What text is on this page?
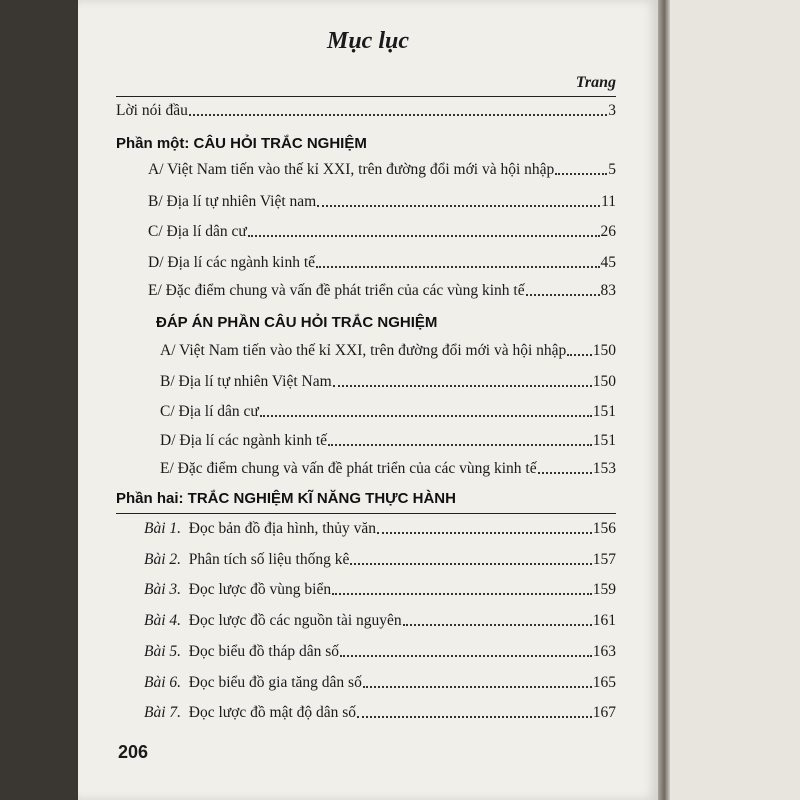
Mục lục
Trang
Lời nói đầu	3
Phần một: CÂU HỎI TRẮC NGHIỆM
A/ Việt Nam tiến vào thế kỉ XXI, trên đường đổi mới và hội nhập	5
B/ Địa lí tự nhiên Việt nam	11
C/ Địa lí dân cư	26
D/ Địa lí các ngành kinh tế	45
E/ Đặc điểm chung và vấn đề phát triển của các vùng kinh tế	83
ĐÁP ÁN PHẦN CÂU HỎI TRẮC NGHIỆM
A/ Việt Nam tiến vào thế kỉ XXI, trên đường đổi mới và hội nhập 150
B/ Địa lí tự nhiên Việt Nam	150
C/ Địa lí dân cư	151
D/ Địa lí các ngành kinh tế	151
E/ Đặc điểm chung và vấn đề phát triển của các vùng kinh tế	153
Phần hai: TRẮC NGHIỆM KĨ NĂNG THỰC HÀNH
Bài 1. Đọc bản đồ địa hình, thủy văn	156
Bài 2. Phân tích số liệu thống kê	157
Bài 3. Đọc lược đồ vùng biển	159
Bài 4. Đọc lược đồ các nguồn tài nguyên	161
Bài 5. Đọc biểu đồ tháp dân số	163
Bài 6. Đọc biểu đồ gia tăng dân số	165
Bài 7. Đọc lược đồ mật độ dân số	167
206
